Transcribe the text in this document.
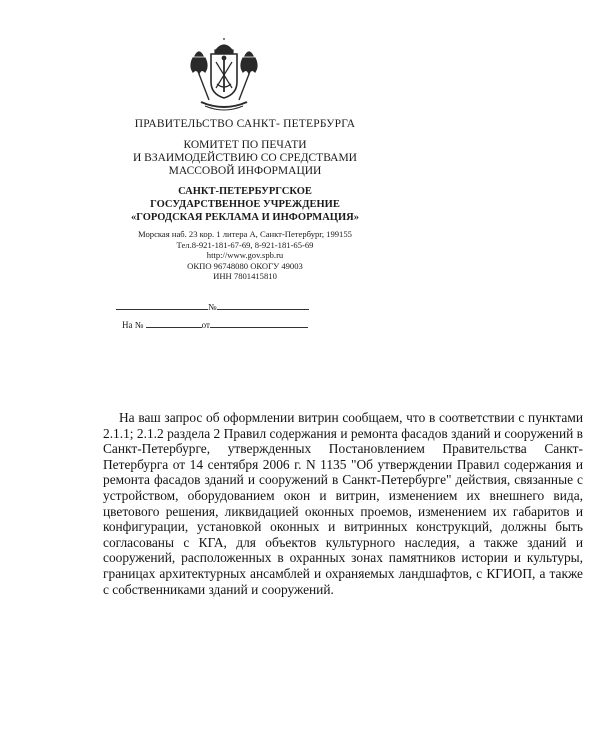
ПРАВИТЕЛЬСТВО САНКТ- ПЕТЕРБУРГА
КОМИТЕТ ПО ПЕЧАТИ
И ВЗАИМОДЕЙСТВИЮ СО СРЕДСТВАМИ
МАССОВОЙ ИНФОРМАЦИИ
САНКТ-ПЕТЕРБУРГСКОЕ
ГОСУДАРСТВЕННОЕ УЧРЕЖДЕНИЕ
«ГОРОДСКАЯ РЕКЛАМА И ИНФОРМАЦИЯ»
Морская наб. 23 кор. 1 литера А, Санкт-Петербург, 199155
Тел.8-921-181-67-69, 8-921-181-65-69
http://www.gov.spb.ru
ОКПО 96748080 ОКОГУ 49003
ИНН 7801415810
№
На №	от

На ваш запрос об оформлении витрин сообщаем, что в соответствии с пунктами 2.1.1; 2.1.2 раздела 2 Правил содержания и ремонта фасадов зданий и сооружений в Санкт-Петербурге, утвержденных Постановлением Правительства Санкт-Петербурга от 14 сентября 2006 г. N 1135 "Об утверждении Правил содержания и ремонта фасадов зданий и сооружений в Санкт-Петербурге" действия, связанные с устройством, оборудованием окон и витрин, изменением их внешнего вида, цветового решения, ликвидацией оконных проемов, изменением их габаритов и конфигурации, установкой оконных и витринных конструкций, должны быть согласованы с КГА, для объектов культурного наследия, а также зданий и сооружений, расположенных в охранных зонах памятников истории и культуры, границах архитектурных ансамблей и охраняемых ландшафтов, с КГИОП, а также с собственниками зданий и сооружений.
